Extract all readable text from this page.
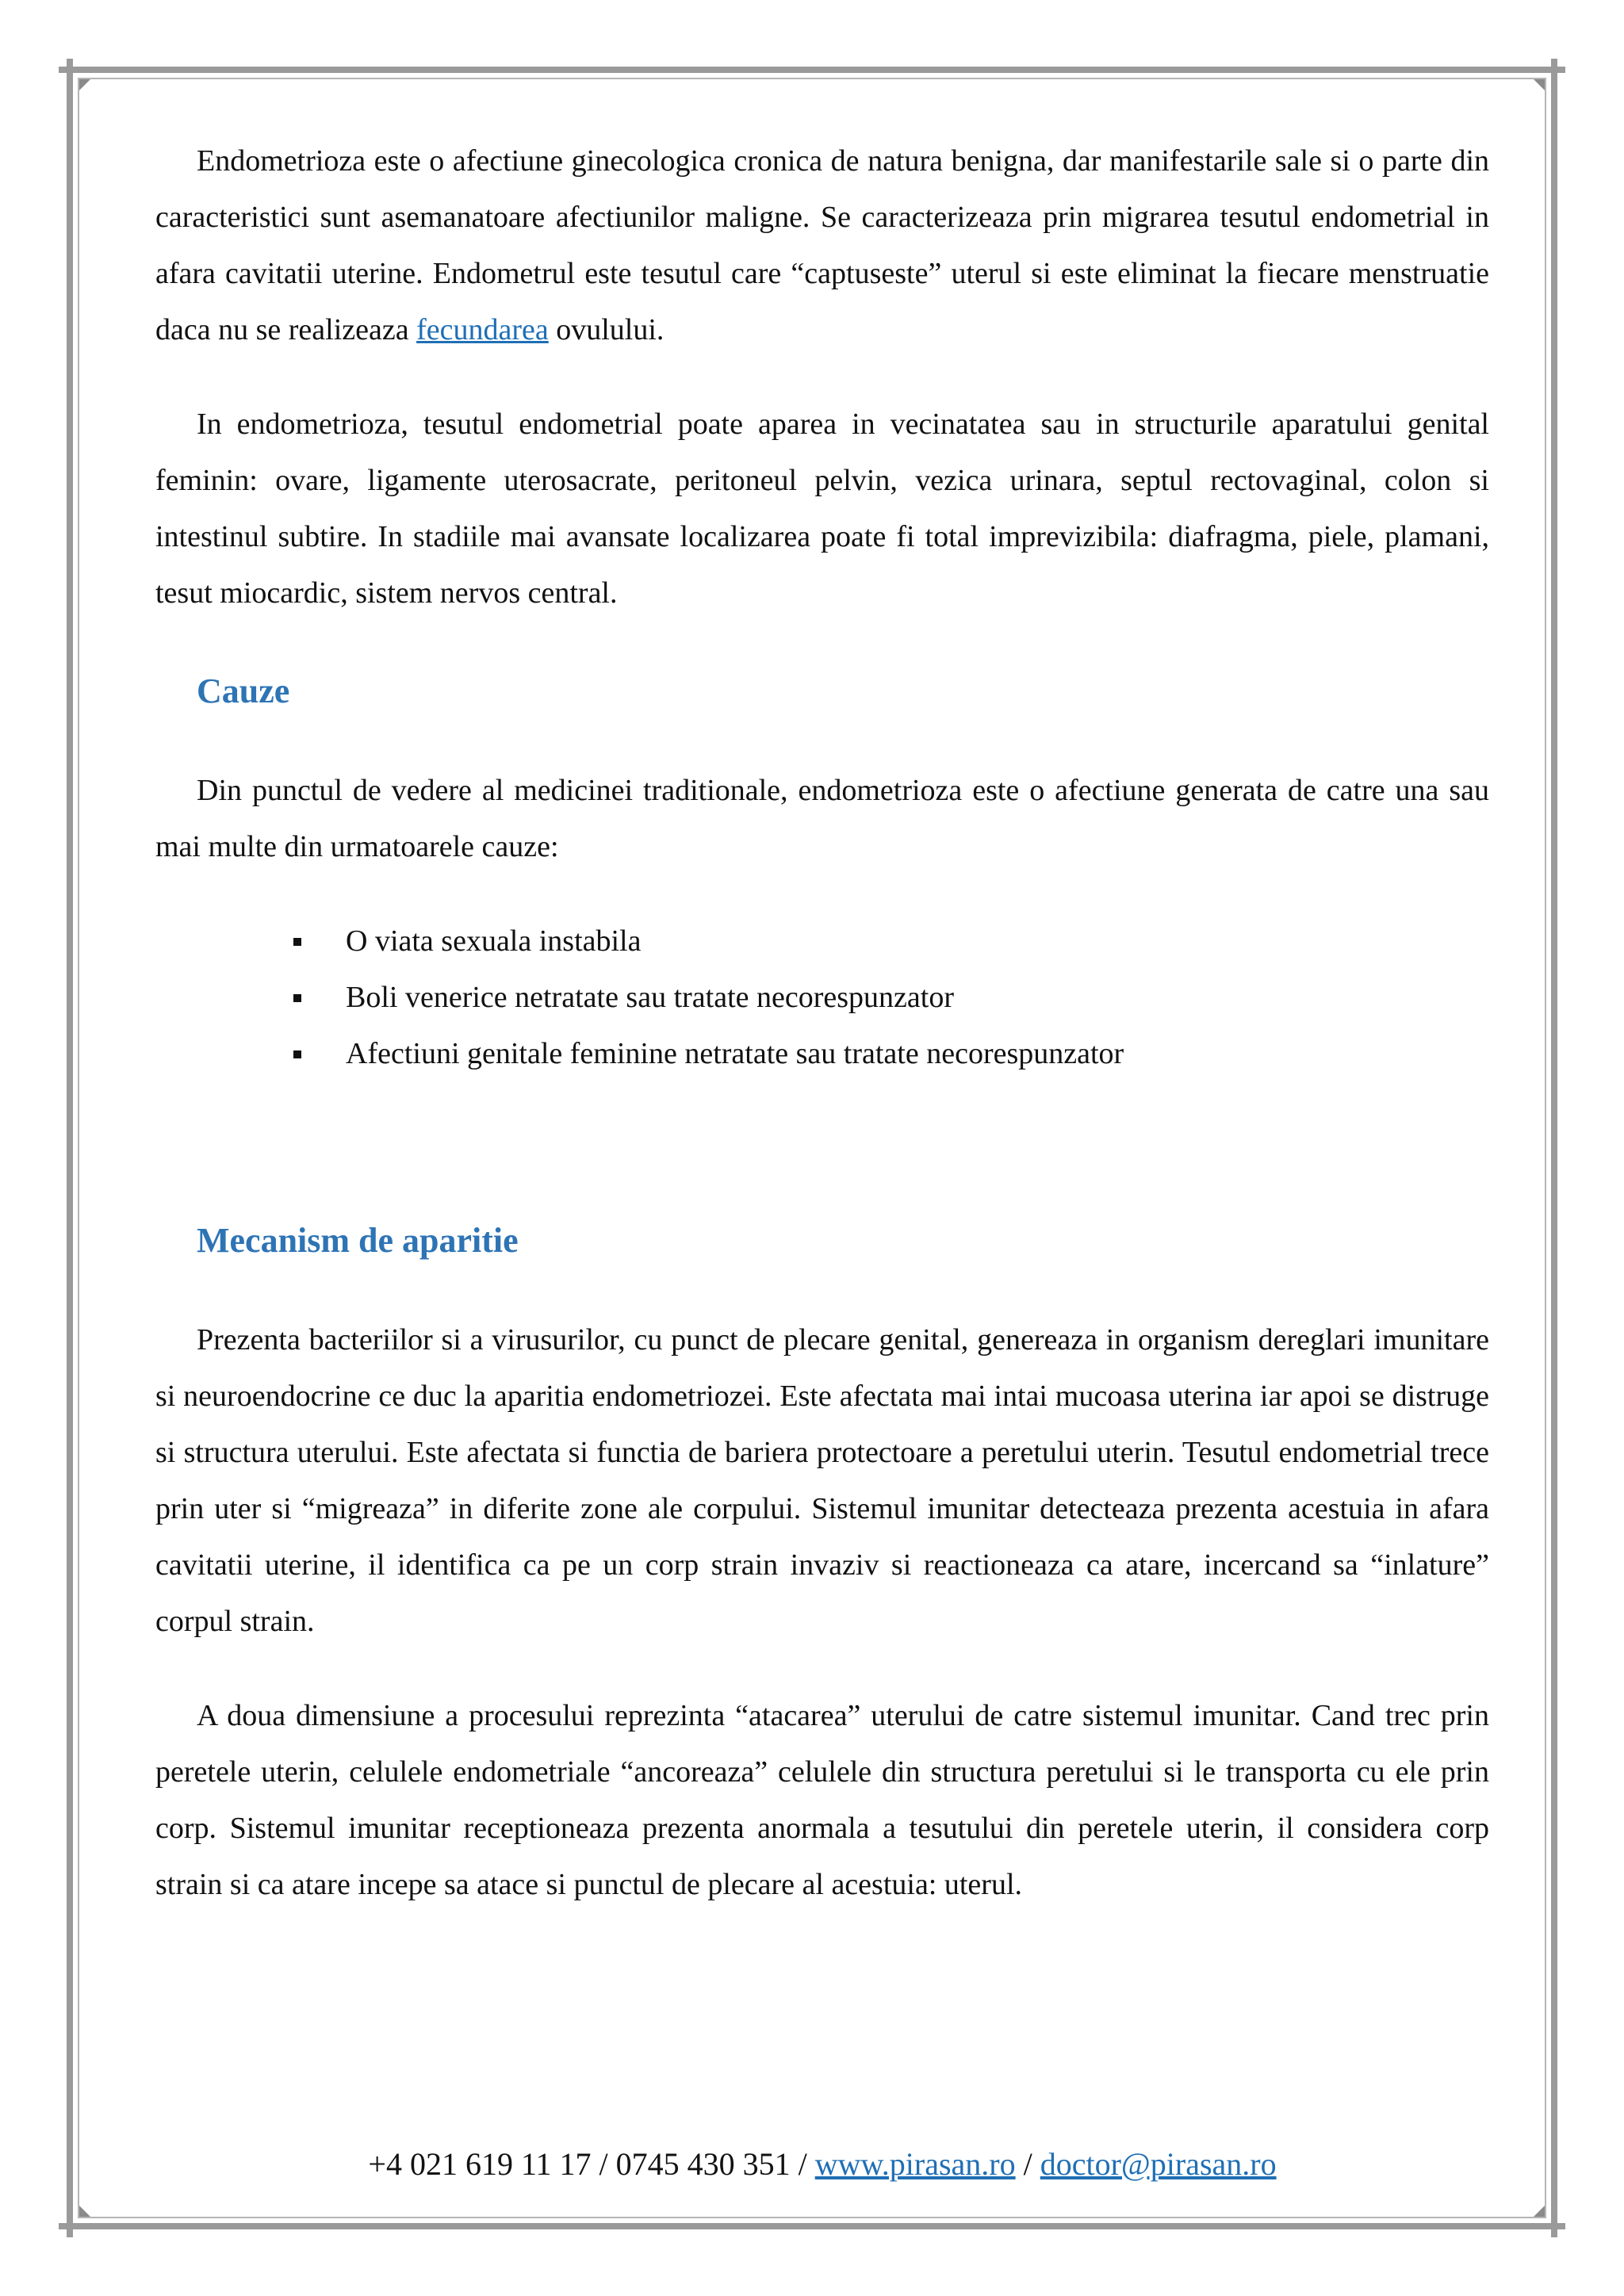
Endometrioza este o afectiune ginecologica cronica de natura benigna, dar manifestarile sale si o parte din caracteristici sunt asemanatoare afectiunilor maligne. Se caracterizeaza prin migrarea tesutul endometrial in afara cavitatii uterine. Endometrul este tesutul care “captuseste” uterul si este eliminat la fiecare menstruatie daca nu se realizeaza fecundarea ovulului.

In endometrioza, tesutul endometrial poate aparea in vecinatatea sau in structurile aparatului genital feminin: ovare, ligamente uterosacrate, peritoneul pelvin, vezica urinara, septul rectovaginal, colon si intestinul subtire. In stadiile mai avansate localizarea poate fi total imprevizibila: diafragma, piele, plamani, tesut miocardic, sistem nervos central.

Cauze

Din punctul de vedere al medicinei traditionale, endometrioza este o afectiune generata de catre una sau mai multe din urmatoarele cauze:

O viata sexuala instabila
Boli venerice netratate sau tratate necorespunzator
Afectiuni genitale feminine netratate sau tratate necorespunzator
Mecanism de aparitie

Prezenta bacteriilor si a virusurilor, cu punct de plecare genital, genereaza in organism dereglari imunitare si neuroendocrine ce duc la aparitia endometriozei. Este afectata mai intai mucoasa uterina iar apoi se distruge si structura uterului. Este afectata si functia de bariera protectoare a peretului uterin. Tesutul endometrial trece prin uter si “migreaza” in diferite zone ale corpului. Sistemul imunitar detecteaza prezenta acestuia in afara cavitatii uterine, il identifica ca pe un corp strain invaziv si reactioneaza ca atare, incercand sa “inlature” corpul strain.

A doua dimensiune a procesului reprezinta “atacarea” uterului de catre sistemul imunitar. Cand trec prin peretele uterin, celulele endometriale “ancoreaza” celulele din structura peretului si le transporta cu ele prin corp. Sistemul imunitar receptioneaza prezenta anormala a tesutului din peretele uterin, il considera corp strain si ca atare incepe sa atace si punctul de plecare al acestuia: uterul.

+4 021 619 11 17 / 0745 430 351 / www.pirasan.ro / doctor@pirasan.ro
